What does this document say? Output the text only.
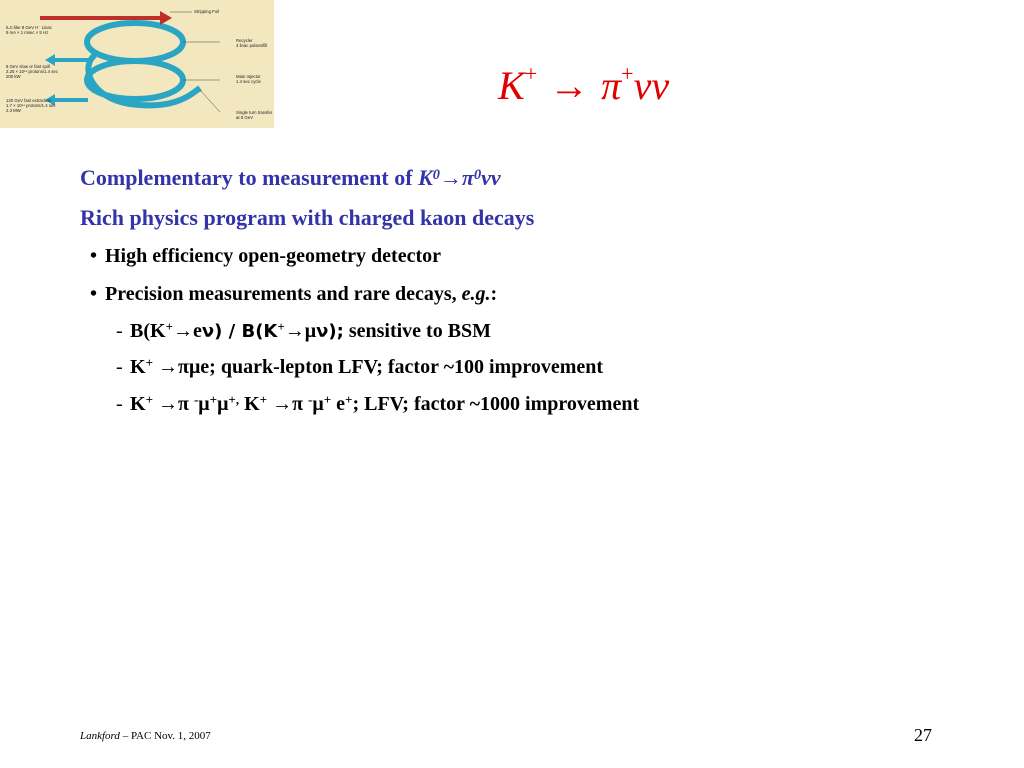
Stripping Foil
ILC-like 8 GeV H⁻ Linac
9 mA × 1 msec × 5 Hz
Recycler
3 linac pulses/fill
8 GeV slow or fast spill
2.25 × 10¹⁴ protons/1.4 sec
200 kW	Main Injector
1.4 sec cycle
120 GeV fast extraction
1.7 × 10¹⁴ protons/1.4 sec
2.3 MW	Single turn transfer
at 8 GeV
K+ → π+νν
Complementary to measurement of $K^0\to\pi^0\nu\nu$
Rich physics program with charged kaon decays
• High efficiency open-geometry detector
• Precision measurements and rare decays, e.g.:
- B(K+→eν) / B(K+→μν); sensitive to BSM
- K+ →πμe; quark-lepton LFV; factor ~100 improvement
- K+ →π -μ+μ+, K+ →π -μ+ e+; LFV; factor ~1000 improvement
Lankford – PAC Nov. 1, 2007	27
